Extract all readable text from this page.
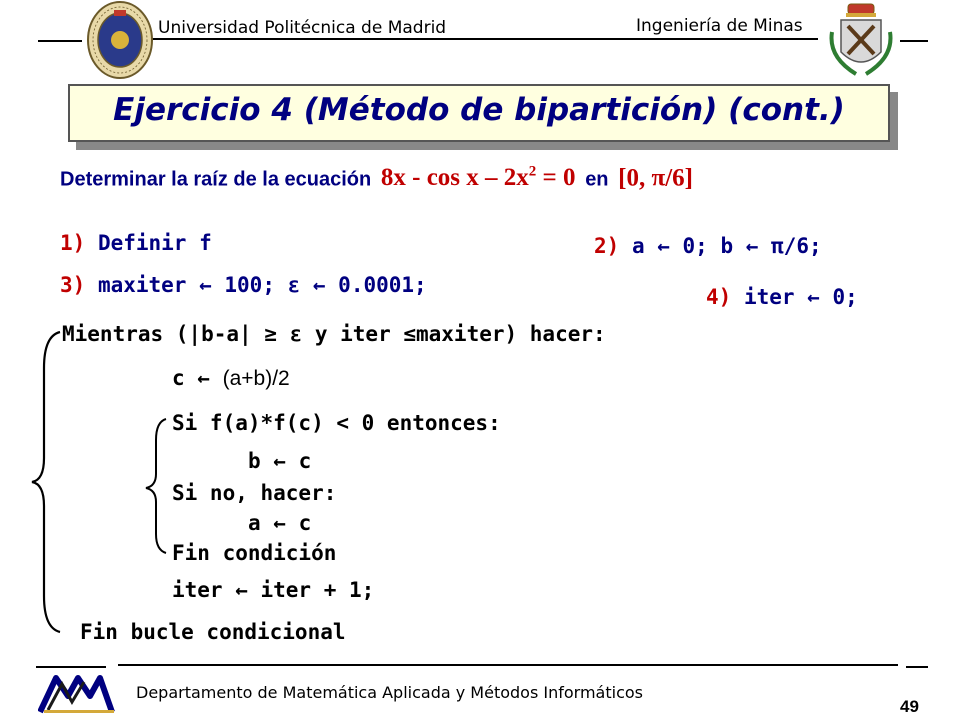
Universidad Politécnica de Madrid	Ingeniería de Minas
Ejercicio 4 (Método de bipartición) (cont.)
Determinar la raíz de la ecuación $8x - \cos x - 2x^2 = 0$ en [0, π/6]
1) Definir f	2) a ← 0; b ← π/6;
3) maxiter ← 100; ε ← 0.0001;	4) iter ← 0;
Mientras (|b-a| ≥ ε y iter ≤maxiter) hacer:
c ← (a+b)/2
Si f(a)*f(c) < 0 entonces:
b ← c
Si no, hacer:
a ← c
Fin condición
iter ← iter + 1;
Fin bucle condicional
Departamento de Matemática Aplicada y Métodos Informáticos
49
